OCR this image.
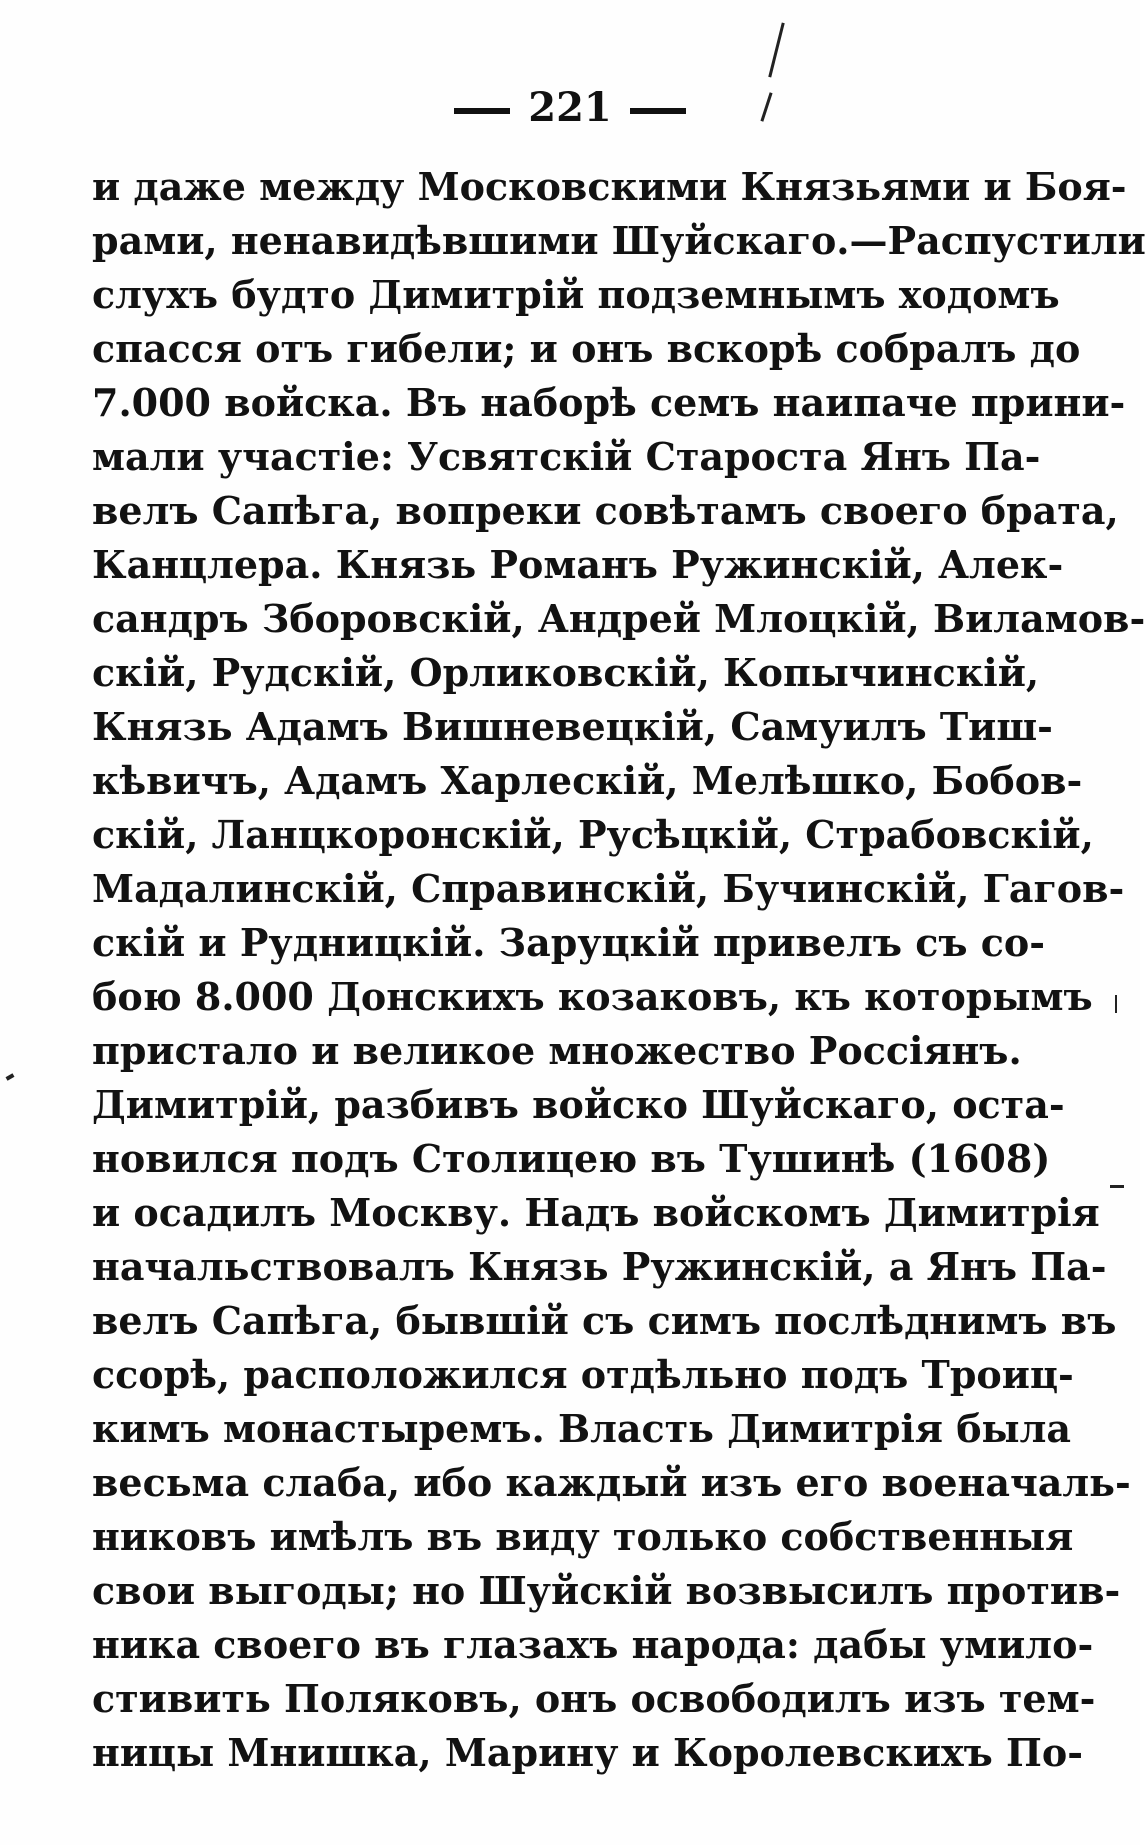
221
и даже между Московскими Князьями и Боя-
рами, ненавидѣвшими Шуйскаго.—Распустили
слухъ будто Димитрій подземнымъ ходомъ
спасся отъ гибели; и онъ вскорѣ собралъ до
7.000 войска. Въ наборѣ семъ наипаче прини-
мали участіе: Усвятскій Староста Янъ Па-
велъ Сапѣга, вопреки совѣтамъ своего брата,
Канцлера. Князь Романъ Ружинскій, Алек-
сандръ Зборовскій, Андрей Млоцкій, Виламов-
скій, Рудскій, Орликовскій, Копычинскій,
Князь Адамъ Вишневецкій, Самуилъ Тиш-
кѣвичъ, Адамъ Харлескій, Мелѣшко, Бобов-
скій, Ланцкоронскій, Русѣцкій, Страбовскій,
Мадалинскій, Справинскій, Бучинскій, Гагов-
скій и Рудницкій. Заруцкій привелъ съ со-
бою 8.000 Донскихъ козаковъ, къ которымъ
пристало и великое множество Россіянъ.
Димитрій, разбивъ войско Шуйскаго, оста-
новился подъ Столицею въ Тушинѣ (1608)
и осадилъ Москву. Надъ войскомъ Димитрія
начальствовалъ Князь Ружинскій, а Янъ Па-
велъ Сапѣга, бывшій съ симъ послѣднимъ въ
ссорѣ, расположился отдѣльно подъ Троиц-
кимъ монастыремъ. Власть Димитрія была
весьма слаба, ибо каждый изъ его военачаль-
никовъ имѣлъ въ виду только собственныя
свои выгоды; но Шуйскій возвысилъ против-
ника своего въ глазахъ народа: дабы умило-
стивить Поляковъ, онъ освободилъ изъ тем-
ницы Мнишка, Марину и Королевскихъ По-
